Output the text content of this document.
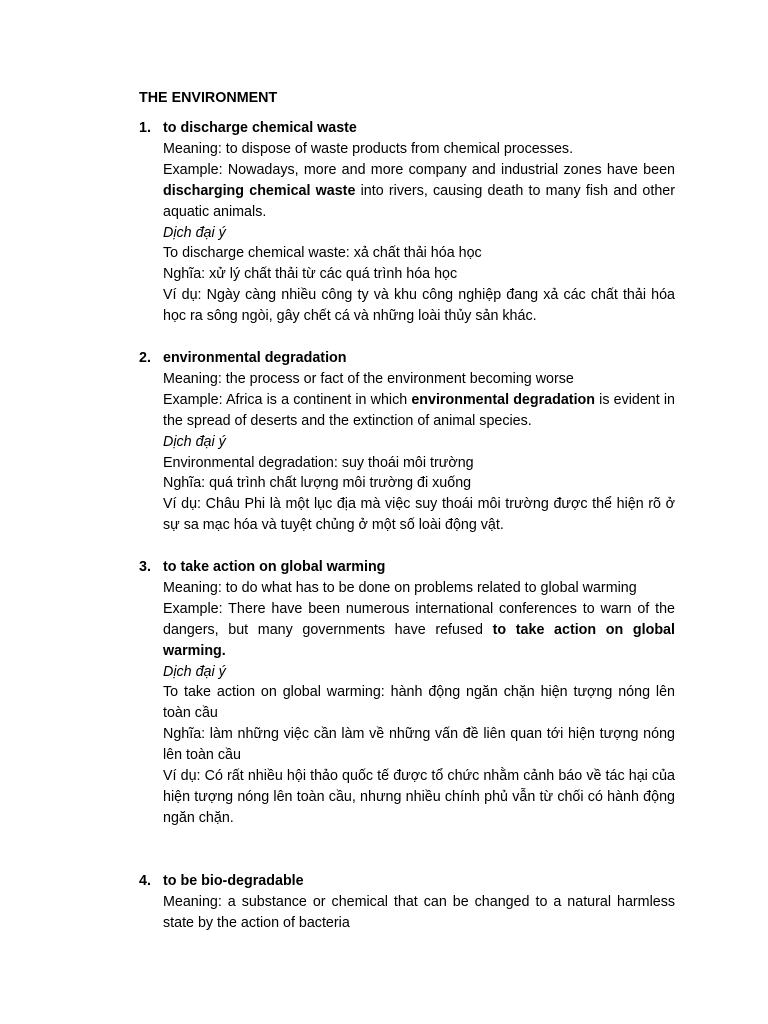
THE ENVIRONMENT
1. to discharge chemical waste
Meaning: to dispose of waste products from chemical processes.
Example: Nowadays, more and more company and industrial zones have been discharging chemical waste into rivers, causing death to many fish and other aquatic animals.
Dịch đại ý
To discharge chemical waste: xả chất thải hóa học
Nghĩa: xử lý chất thải từ các quá trình hóa học
Ví dụ: Ngày càng nhiều công ty và khu công nghiệp đang xả các chất thải hóa học ra sông ngòi, gây chết cá và những loài thủy sản khác.
2. environmental degradation
Meaning: the process or fact of the environment becoming worse
Example: Africa is a continent in which environmental degradation is evident in the spread of deserts and the extinction of animal species.
Dịch đại ý
Environmental degradation: suy thoái môi trường
Nghĩa: quá trình chất lượng môi trường đi xuống
Ví dụ: Châu Phi là một lục địa mà việc suy thoái môi trường được thể hiện rõ ở sự sa mạc hóa và tuyệt chủng ở một số loài động vật.
3. to take action on global warming
Meaning: to do what has to be done on problems related to global warming
Example: There have been numerous international conferences to warn of the dangers, but many governments have refused to take action on global warming.
Dịch đại ý
To take action on global warming: hành động ngăn chặn hiện tượng nóng lên toàn cầu
Nghĩa: làm những việc cần làm về những vấn đề liên quan tới hiện tượng nóng lên toàn cầu
Ví dụ: Có rất nhiều hội thảo quốc tế được tổ chức nhằm cảnh báo về tác hại của hiện tượng nóng lên toàn cầu, nhưng nhiều chính phủ vẫn từ chối có hành động ngăn chặn.
4. to be bio-degradable
Meaning: a substance or chemical that can be changed to a natural harmless state by the action of bacteria
